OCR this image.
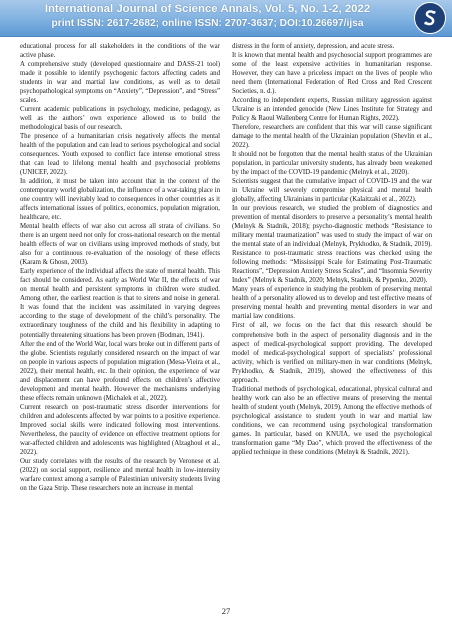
International Journal of Science Annals, Vol. 5, No. 1-2, 2022
print ISSN: 2617-2682; online ISSN: 2707-3637; DOI:10.26697/ijsa

educational process for all stakeholders in the conditions of the war active phase.

A comprehensive study (developed questionnaire and DASS-21 tool) made it possible to identify psychogenic factors affecting cadets and students in war and martial law conditions, as well as to detail psychopathological symptoms on “Anxiety”, “Depression”, and “Stress” scales.

Current academic publications in psychology, medicine, pedagogy, as well as the authors’ own experience allowed us to build the methodological basis of our research.

The presence of a humanitarian crisis negatively affects the mental health of the population and can lead to serious psychological and social consequences. Youth exposed to conflict face intense emotional stress that can lead to lifelong mental health and psychosocial problems (UNICEF, 2022).

In addition, it must be taken into account that in the context of the contemporary world globalization, the influence of a war-taking place in one country will inevitably lead to consequences in other countries as it affects international issues of politics, economics, population migration, healthcare, etc.

Mental health effects of war also cut across all strata of civilians. So there is an urgent need not only for cross-national research on the mental health effects of war on civilians using improved methods of study, but also for a continuous re-evaluation of the nosology of these effects (Karam & Ghosn, 2003).

Early experience of the individual affects the state of mental health. This fact should be considered. As early as World War II, the effects of war on mental health and persistent symptoms in children were studied. Among other, the earliest reaction is that to sirens and noise in general. It was found that the incident was assimilated in varying degrees according to the stage of development of the child’s personality. The extraordinary toughness of the child and his flexibility in adapting to potentially threatening situations has been proven (Bodman, 1941).

After the end of the World War, local wars broke out in different parts of the globe. Scientists regularly considered research on the impact of war on people in various aspects of population migration (Mesa-Vieira et al., 2022), their mental health, etc. In their opinion, the experience of war and displacement can have profound effects on children’s affective development and mental health. However the mechanisms underlying these effects remain unknown (Michalek et al., 2022).

Current research on post-traumatic stress disorder interventions for children and adolescents affected by war points to a positive experience. Improved social skills were indicated following most interventions. Nevertheless, the paucity of evidence on effective treatment options for war-affected children and adolescents was highlighted (Alzaghoul et al., 2022).

Our study correlates with the results of the research by Veronese et al. (2022) on social support, resilience and mental health in low-intensity warfare context among a sample of Palestinian university students living on the Gaza Strip. These researchers note an increase in mental

distress in the form of anxiety, depression, and acute stress.

It is known that mental health and psychosocial support programmes are some of the least expensive activities in humanitarian response. However, they can have a priceless impact on the lives of people who need them (International Federation of Red Cross and Red Crescent Societies, n. d.).

According to independent experts, Russian military aggression against Ukraine is an intended genocide (New Lines Institute for Strategy and Policy & Raoul Wallenberg Centre for Human Rights, 2022).

Therefore, researchers are confident that this war will cause significant damage to the mental health of the Ukrainian population (Shevlin et al., 2022).

It should not be forgotten that the mental health status of the Ukrainian population, in particular university students, has already been weakened by the impact of the COVID-19 pandemic (Melnyk et al., 2020).

Scientists suggest that the cumulative impact of COVID-19 and the war in Ukraine will severely compromise physical and mental health globally, affecting Ukrainians in particular (Kalaitzaki et al., 2022).

In our previous research, we studied the problem of diagnostics and prevention of mental disorders to preserve a personality’s mental health (Melnyk & Stadnik, 2018); psycho-diagnostic methods “Resistance to military mental traumatization” was used to study the impact of war on the mental state of an individual (Melnyk, Prykhodko, & Stadnik, 2019). Resistance to post-traumatic stress reactions was checked using the following methods: “Mississippi Scale for Estimating Post-Traumatic Reactions”, “Depression Anxiety Stress Scales”, and “Insomnia Severity Index” (Melnyk & Stadnik, 2020; Melnyk, Stadnik, & Pypenko, 2020).

Many years of experience in studying the problem of preserving mental health of a personality allowed us to develop and test effective means of preserving mental health and preventing mental disorders in war and martial law conditions.

First of all, we focus on the fact that this research should be comprehensive both in the aspect of personality diagnosis and in the aspect of medical-psychological support providing. The developed model of medical-psychological support of specialists’ professional activity, which is verified on military-men in war conditions (Melnyk, Prykhodko, & Stadnik, 2019), showed the effectiveness of this approach.

Traditional methods of psychological, educational, physical cultural and healthy work can also be an effective means of preserving the mental health of student youth (Melnyk, 2019). Among the effective methods of psychological assistance to student youth in war and martial law conditions, we can recommend using psychological transformation games. In particular, based on KNUIA, we used the psychological transformation game “My Dao”, which proved the effectiveness of the applied technique in these conditions (Melnyk & Stadnik, 2021).

27
